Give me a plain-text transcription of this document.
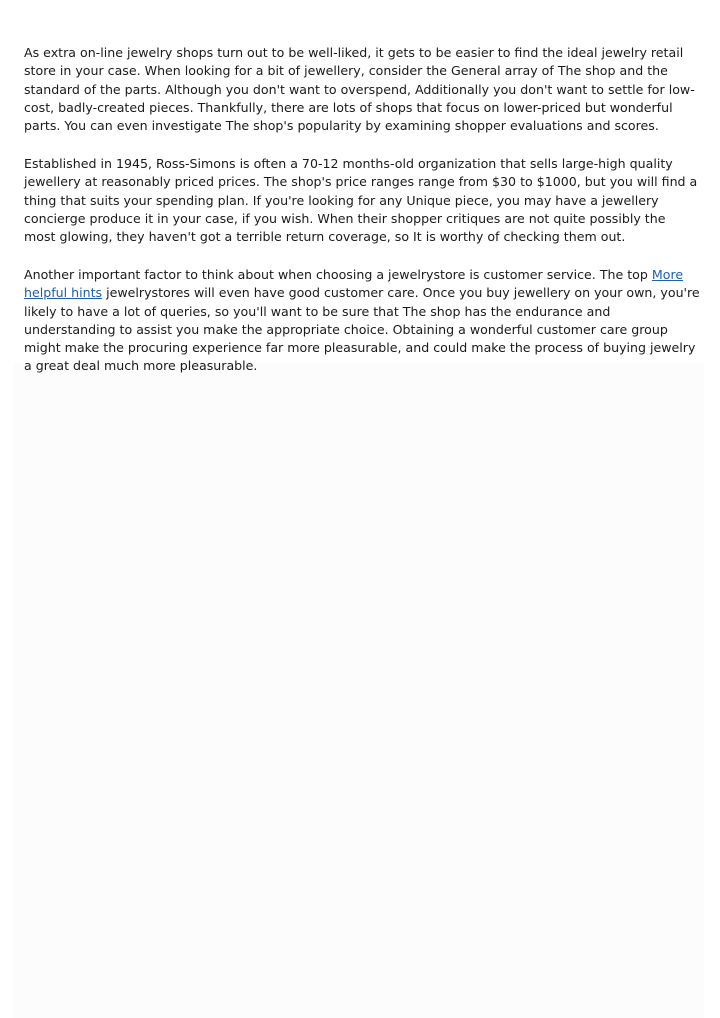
As extra on-line jewelry shops turn out to be well-liked, it gets to be easier to find the ideal jewelry retail store in your case. When looking for a bit of jewellery, consider the General array of The shop and the standard of the parts. Although you don't want to overspend, Additionally you don't want to settle for low-cost, badly-created pieces. Thankfully, there are lots of shops that focus on lower-priced but wonderful parts. You can even investigate The shop's popularity by examining shopper evaluations and scores.

Established in 1945, Ross-Simons is often a 70-12 months-old organization that sells large-high quality jewellery at reasonably priced prices. The shop's price ranges range from $30 to $1000, but you will find a thing that suits your spending plan. If you're looking for any Unique piece, you may have a jewellery concierge produce it in your case, if you wish. When their shopper critiques are not quite possibly the most glowing, they haven't got a terrible return coverage, so It is worthy of checking them out.

Another important factor to think about when choosing a jewelrystore is customer service. The top More helpful hints jewelrystores will even have good customer care. Once you buy jewellery on your own, you're likely to have a lot of queries, so you'll want to be sure that The shop has the endurance and understanding to assist you make the appropriate choice. Obtaining a wonderful customer care group might make the procuring experience far more pleasurable, and could make the process of buying jewelry a great deal much more pleasurable.
